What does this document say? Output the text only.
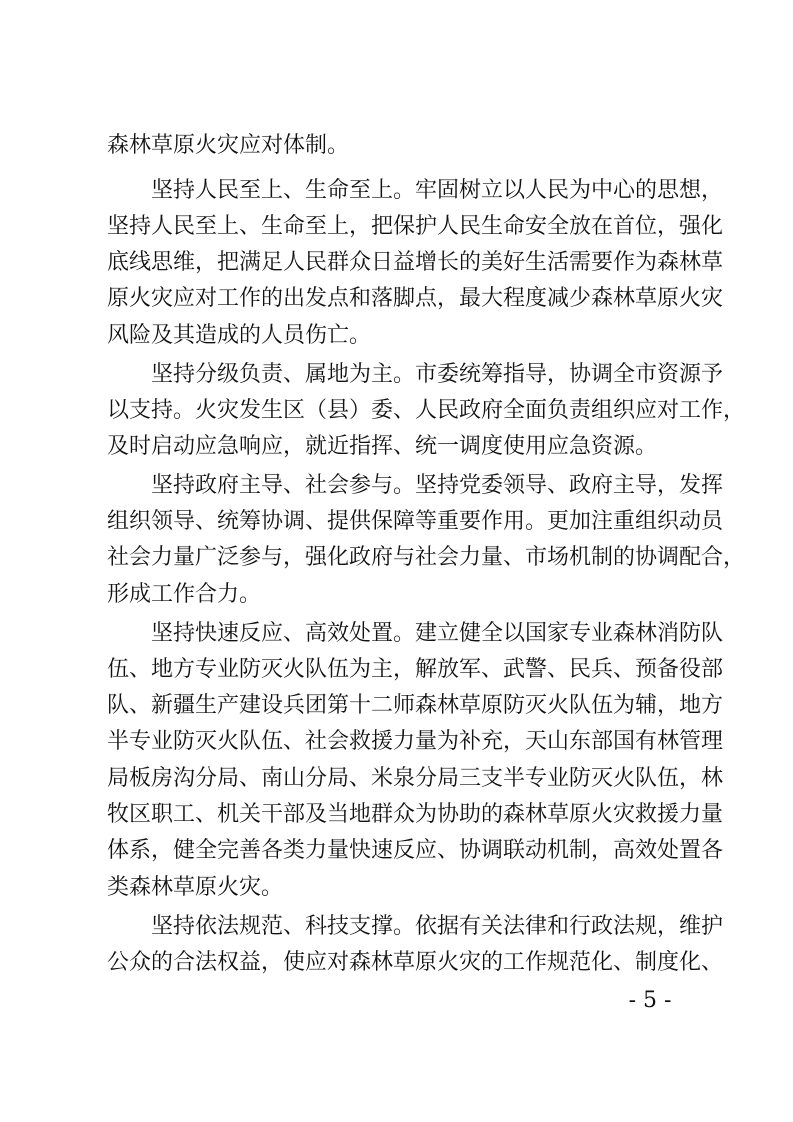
森林草原火灾应对体制。
坚持人民至上、生命至上。牢固树立以人民为中心的思想，
坚持人民至上、生命至上，把保护人民生命安全放在首位，强化
底线思维，把满足人民群众日益增长的美好生活需要作为森林草
原火灾应对工作的出发点和落脚点，最大程度减少森林草原火灾
风险及其造成的人员伤亡。
坚持分级负责、属地为主。市委统筹指导，协调全市资源予
以支持。火灾发生区（县）委、人民政府全面负责组织应对工作，
及时启动应急响应，就近指挥、统一调度使用应急资源。
坚持政府主导、社会参与。坚持党委领导、政府主导，发挥
组织领导、统筹协调、提供保障等重要作用。更加注重组织动员
社会力量广泛参与，强化政府与社会力量、市场机制的协调配合，
形成工作合力。
坚持快速反应、高效处置。建立健全以国家专业森林消防队
伍、地方专业防灭火队伍为主，解放军、武警、民兵、预备役部
队、新疆生产建设兵团第十二师森林草原防灭火队伍为辅，地方
半专业防灭火队伍、社会救援力量为补充，天山东部国有林管理
局板房沟分局、南山分局、米泉分局三支半专业防灭火队伍，林
牧区职工、机关干部及当地群众为协助的森林草原火灾救援力量
体系，健全完善各类力量快速反应、协调联动机制，高效处置各
类森林草原火灾。
坚持依法规范、科技支撑。依据有关法律和行政法规，维护
公众的合法权益，使应对森林草原火灾的工作规范化、制度化、
- 5 -
